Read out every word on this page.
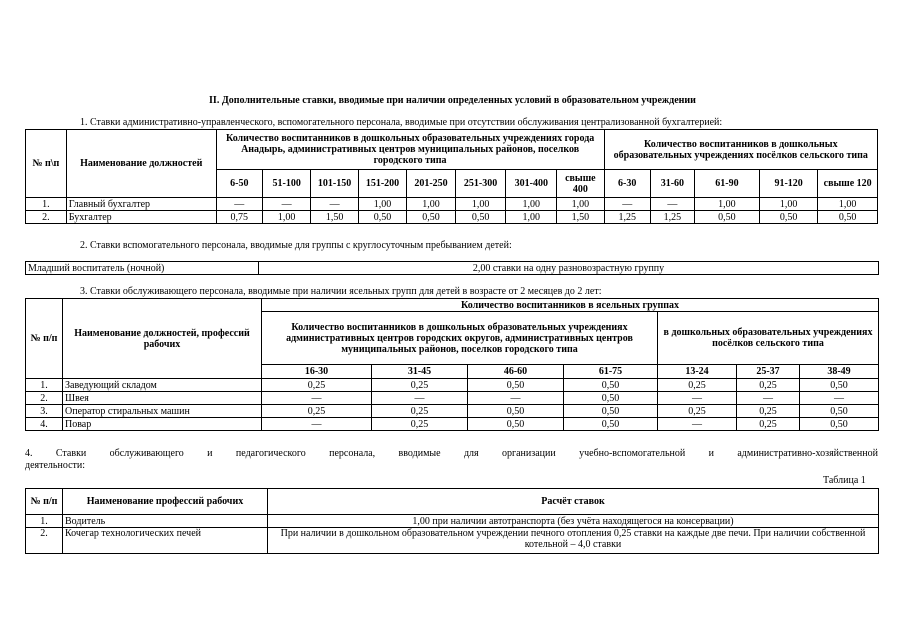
II. Дополнительные ставки, вводимые при наличии определенных условий в образовательном учреждении
1. Ставки административно-управленческого, вспомогательного персонала, вводимые при отсутствии обслуживания централизованной бухгалтерией:
№ п\п	Наименование должностей	Количество воспитанников в дошкольных образовательных учреждениях города Анадырь, административных центров муниципальных районов, поселков городского типа								Количество воспитанников в дошкольных образовательных учреждениях посёлков сельского типа				
		6-50	51-100	101-150	151-200	201-250	251-300	301-400	свыше 400	6-30	31-60	61-90	91-120	свыше 120
1.	Главный бухгалтер	—	—	—	1,00	1,00	1,00	1,00	1,00	—	—	1,00	1,00	1,00
2.	Бухгалтер	0,75	1,00	1,50	0,50	0,50	0,50	1,00	1,50	1,25	1,25	0,50	0,50	0,50
2. Ставки вспомогательного персонала, вводимые для группы с круглосуточным пребыванием детей:
Младший воспитатель (ночной)	2,00 ставки на одну разновозрастную группу
3. Ставки обслуживающего персонала, вводимые при наличии ясельных групп для детей в возрасте от 2 месяцев до 2 лет:
№ п/п	Наименование должностей, профессий рабочих	Количество воспитанников в ясельных группах						
		Количество воспитанников в дошкольных образовательных учреждениях административных центров городских округов, административных центров муниципальных районов, поселков городского типа				в дошкольных образовательных учреждениях посёлков сельского типа		
		16-30	31-45	46-60	61-75	13-24	25-37	38-49
1.	Заведующий складом	0,25	0,25	0,50	0,50	0,25	0,25	0,50
2.	Швея	—	—	—	0,50	—	—	—
3.	Оператор стиральных машин	0,25	0,25	0,50	0,50	0,25	0,25	0,50
4.	Повар	—	0,25	0,50	0,50	—	0,25	0,50
4. Ставки обслуживающего и педагогического персонала, вводимые для организации учебно-вспомогательной и административно-хозяйственной
деятельности:
Таблица 1
№ п/п	Наименование профессий рабочих	Расчёт ставок
1.	Водитель	1,00 при наличии автотранспорта (без учёта находящегося на консервации)
2.	Кочегар технологических печей	При наличии в дошкольном образовательном учреждении печного отопления 0,25 ставки на каждые две печи. При наличии собственной котельной – 4,0 ставки
